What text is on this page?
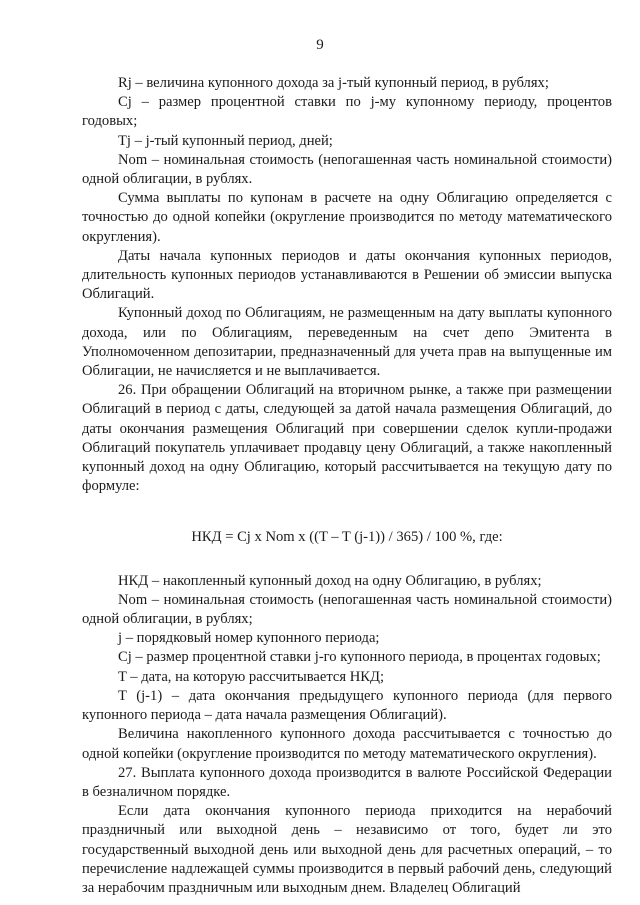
9

Rj – величина купонного дохода за j-тый купонный период, в рублях;

Cj – размер процентной ставки по j-му купонному периоду, процентов годовых;

Tj – j-тый купонный период, дней;

Nom – номинальная стоимость (непогашенная часть номинальной стоимости) одной облигации, в рублях.

Сумма выплаты по купонам в расчете на одну Облигацию определяется с точностью до одной копейки (округление производится по методу математического округления).

Даты начала купонных периодов и даты окончания купонных периодов, длительность купонных периодов устанавливаются в Решении об эмиссии выпуска Облигаций.

Купонный доход по Облигациям, не размещенным на дату выплаты купонного дохода, или по Облигациям, переведенным на счет депо Эмитента в Уполномоченном депозитарии, предназначенный для учета прав на выпущенные им Облигации, не начисляется и не выплачивается.

26. При обращении Облигаций на вторичном рынке, а также при размещении Облигаций в период с даты, следующей за датой начала размещения Облигаций, до даты окончания размещения Облигаций при совершении сделок купли-продажи Облигаций покупатель уплачивает продавцу цену Облигаций, а также накопленный купонный доход на одну Облигацию, который рассчитывается на текущую дату по формуле:

НКД = Cj x Nom x ((T – T (j-1)) / 365) / 100 %, где:

НКД – накопленный купонный доход на одну Облигацию, в рублях;

Nom – номинальная стоимость (непогашенная часть номинальной стоимости) одной облигации, в рублях;

j – порядковый номер купонного периода;

Cj – размер процентной ставки j-го купонного периода, в процентах годовых;

T – дата, на которую рассчитывается НКД;

T (j-1) – дата окончания предыдущего купонного периода (для первого купонного периода – дата начала размещения Облигаций).

Величина накопленного купонного дохода рассчитывается с точностью до одной копейки (округление производится по методу математического округления).

27. Выплата купонного дохода производится в валюте Российской Федерации в безналичном порядке.

Если дата окончания купонного периода приходится на нерабочий праздничный или выходной день – независимо от того, будет ли это государственный выходной день или выходной день для расчетных операций, – то перечисление надлежащей суммы производится в первый рабочий день, следующий за нерабочим праздничным или выходным днем. Владелец Облигаций
